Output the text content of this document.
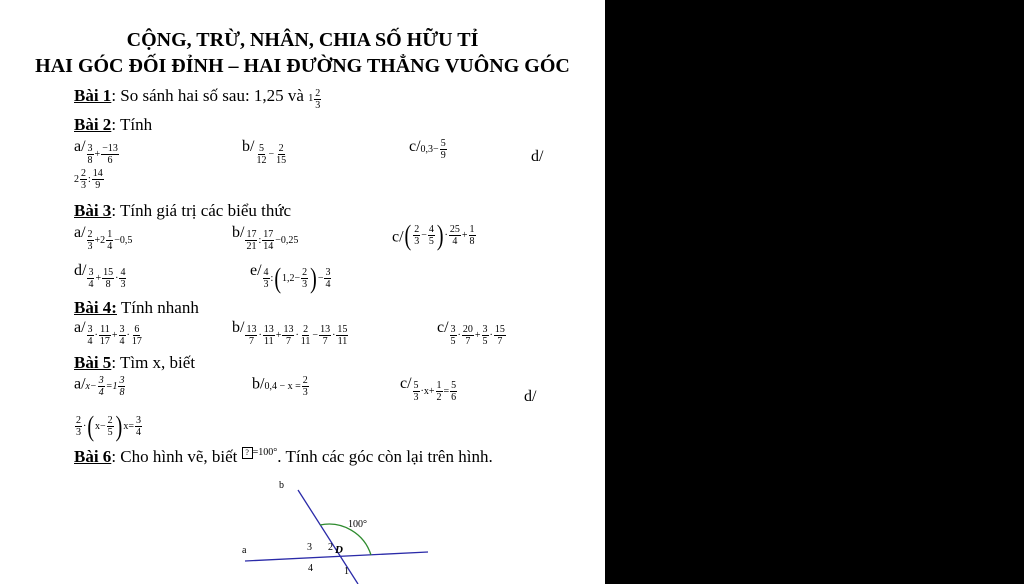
CỘNG, TRỪ, NHÂN, CHIA SỐ HỮU TỈ
HAI GÓC ĐỐI ĐỈNH – HAI ĐƯỜNG THẲNG VUÔNG GÓC
Bài 1: So sánh hai số sau: 1,25 và 1 2
3
Bài 2: Tính
a/ 3
8
+ −13
6
b/ 5
12
− 2
15
c/ 0,3 − 5
9	d/
2 2
3
: 14
9
Bài 3: Tính giá trị các biểu thức
a/ 2
3
+2 1
4
−0,5	b/ 17
21
: 17
14
−0,25	c/ ( 2
3
− 4
5 ) · 25
4
+ 1
8
d/ 3
4
+ 15
8
· 4
3
e/ 4
3
: ( $1,2- \frac{2}{3}$ ) − 3
4
Bài 4: Tính nhanh
a/ 3
4
· 11
17
+ 3
4
· 6
17
b/ 13
7
· 13
11
+ 13
7
· 2
11
− 13
7
· 15
11
c/ 3
5
· 20
7
+ 3
5
· 15
7
Bài 5: Tìm x, biết
a/x− 3
4
=1 3
8	b/ $0,4 - x = \frac{2}{3}$	c/ 5
3
·x+ 1
2
= 5
6	d/
2
3
· ( x− 2
5 ) x= 3
4
Bài 6: Cho hình vẽ, biết ? =100° . Tính các góc còn lại trên hình.
a
b
100°
D
2
3
4	1
